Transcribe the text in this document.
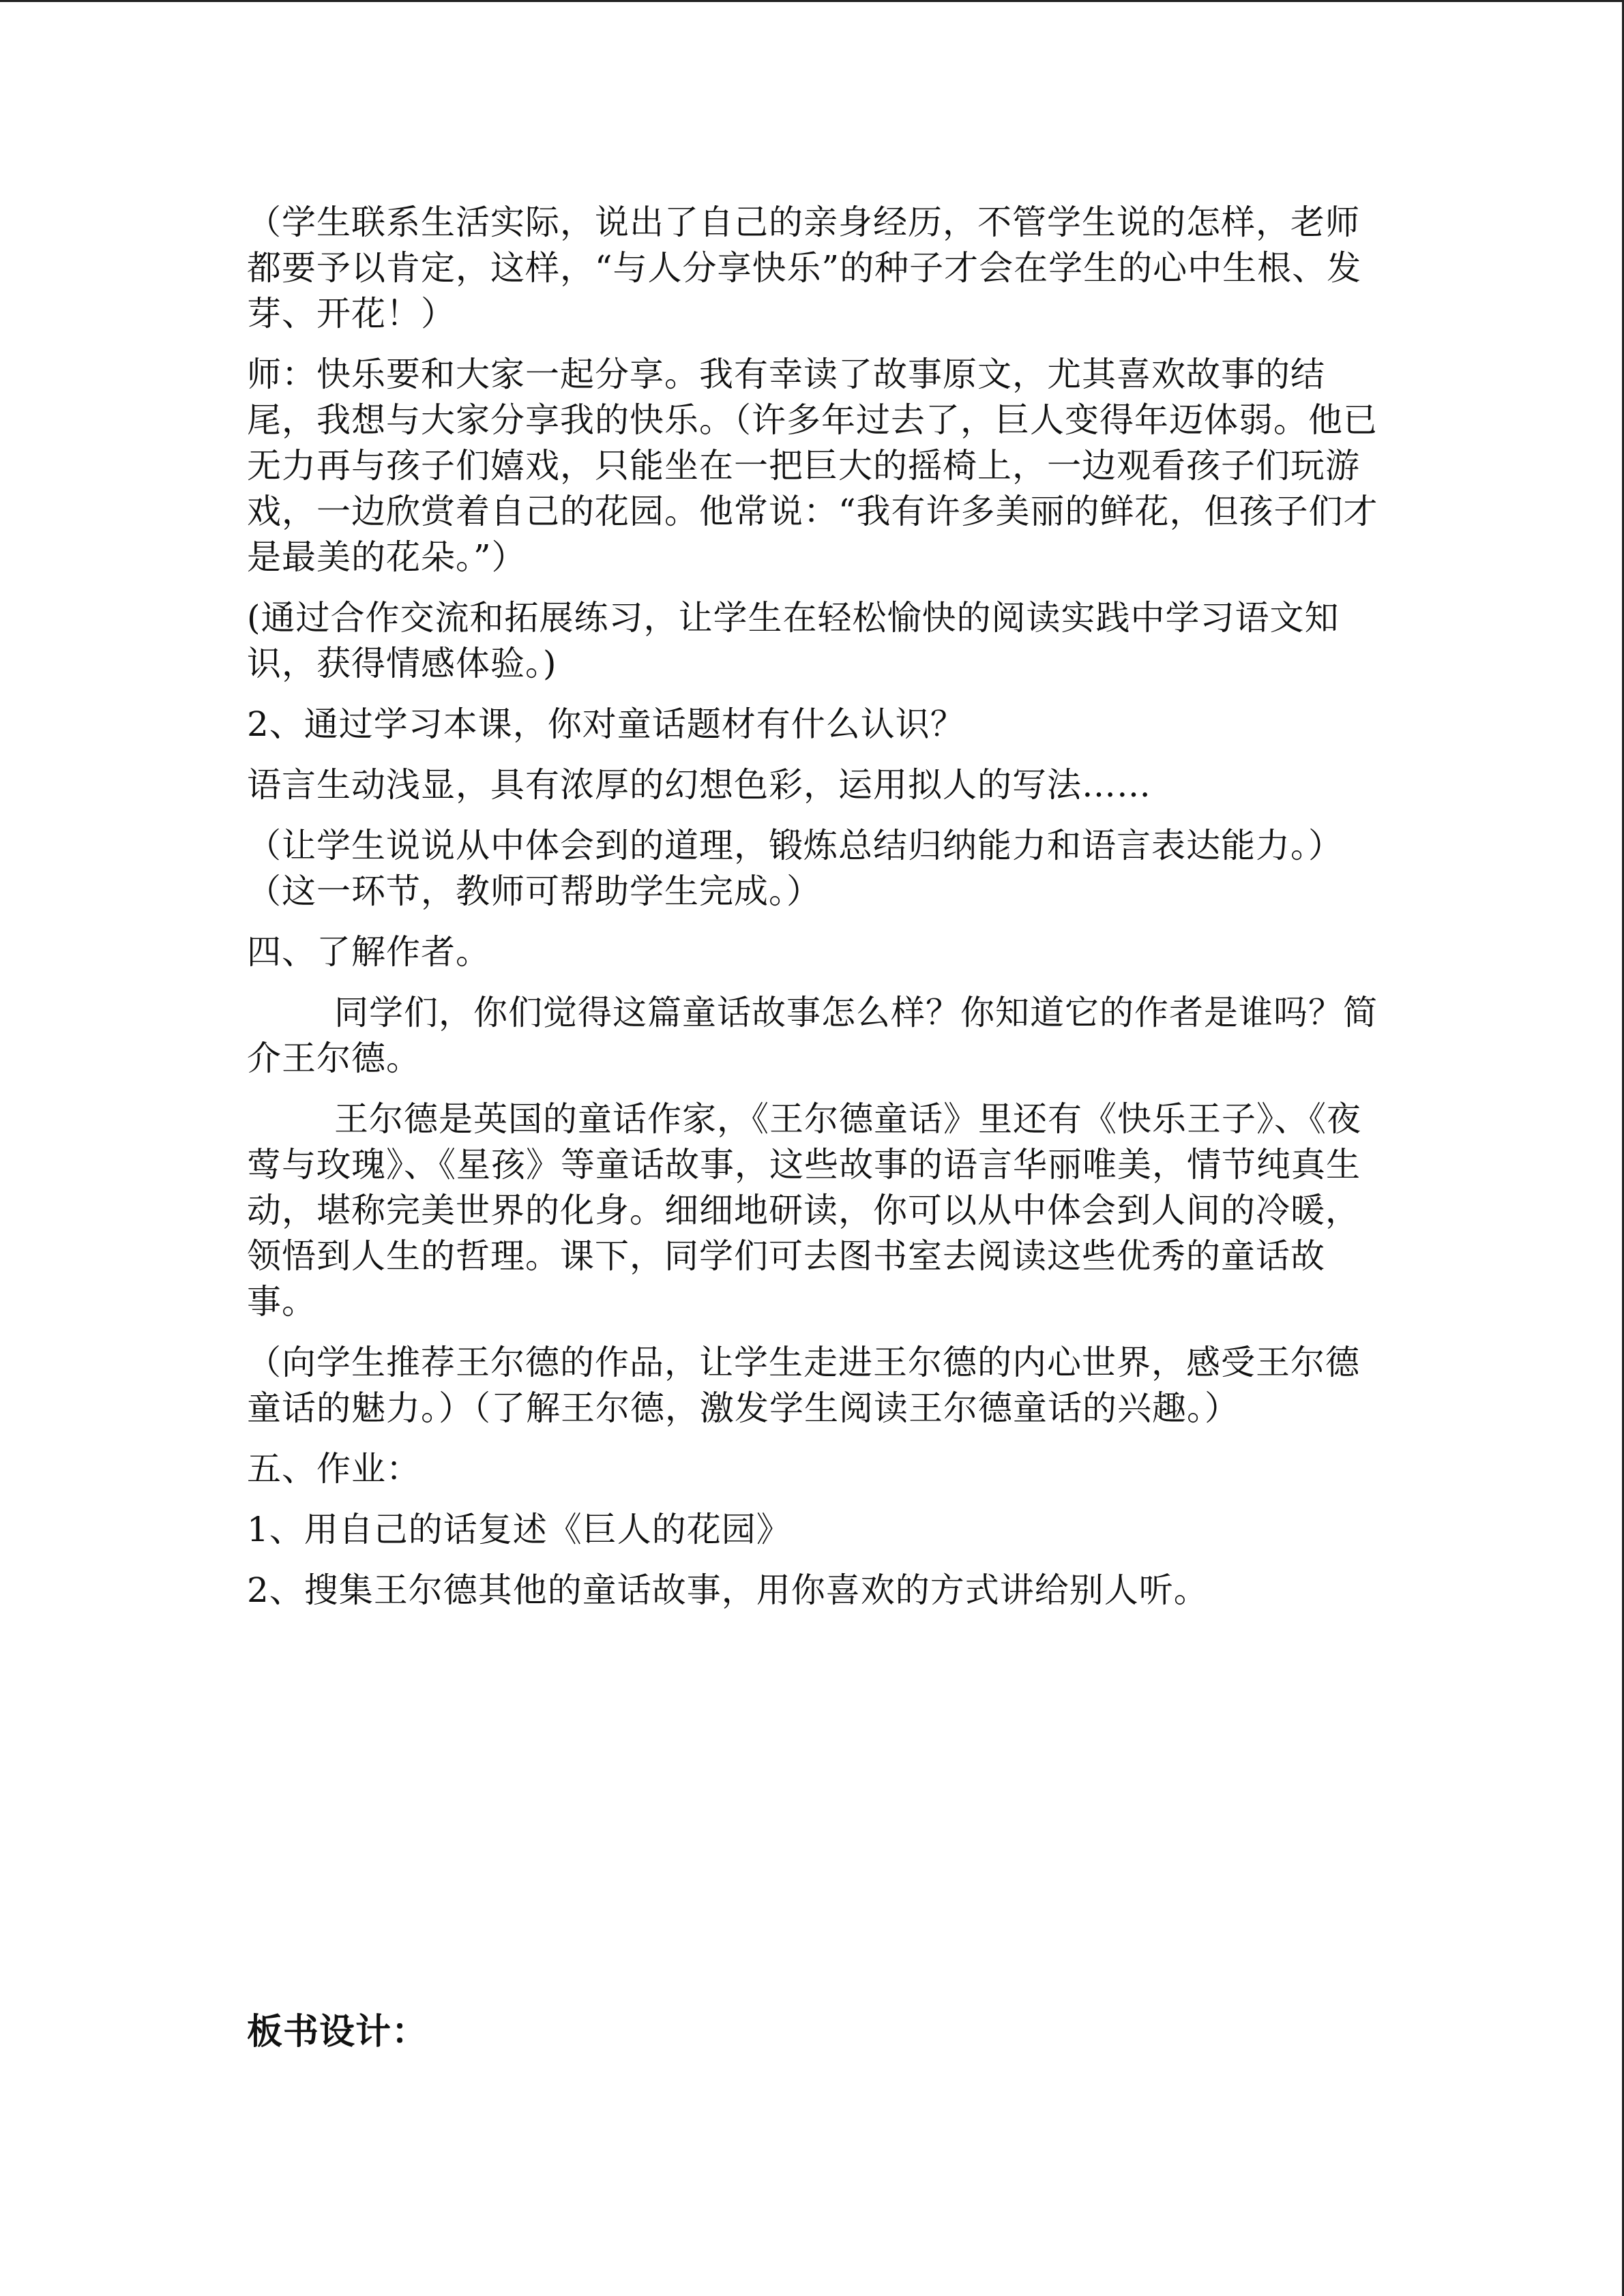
（学生联系生活实际，说出了自己的亲身经历，不管学生说的怎样，老师都要予以肯定，这样，“与人分享快乐”的种子才会在学生的心中生根、发芽、开花！）

师：快乐要和大家一起分享。我有幸读了故事原文，尤其喜欢故事的结尾，我想与大家分享我的快乐。（许多年过去了，巨人变得年迈体弱。他已无力再与孩子们嬉戏，只能坐在一把巨大的摇椅上，一边观看孩子们玩游戏，一边欣赏着自己的花园。他常说：“我有许多美丽的鲜花，但孩子们才是最美的花朵。”）

(通过合作交流和拓展练习，让学生在轻松愉快的阅读实践中学习语文知识，获得情感体验。)

2、通过学习本课，你对童话题材有什么认识？

语言生动浅显，具有浓厚的幻想色彩，运用拟人的写法……

（让学生说说从中体会到的道理，锻炼总结归纳能力和语言表达能力。）（这一环节，教师可帮助学生完成。）

四、了解作者。

同学们，你们觉得这篇童话故事怎么样？你知道它的作者是谁吗？简介王尔德。

王尔德是英国的童话作家，《王尔德童话》里还有《快乐王子》、《夜莺与玫瑰》、《星孩》等童话故事，这些故事的语言华丽唯美，情节纯真生动，堪称完美世界的化身。细细地研读，你可以从中体会到人间的冷暖，领悟到人生的哲理。课下，同学们可去图书室去阅读这些优秀的童话故事。

（向学生推荐王尔德的作品，让学生走进王尔德的内心世界，感受王尔德童话的魅力。）（了解王尔德，激发学生阅读王尔德童话的兴趣。）

五、作业：

1、用自己的话复述《巨人的花园》

2、搜集王尔德其他的童话故事，用你喜欢的方式讲给别人听。

板书设计：
